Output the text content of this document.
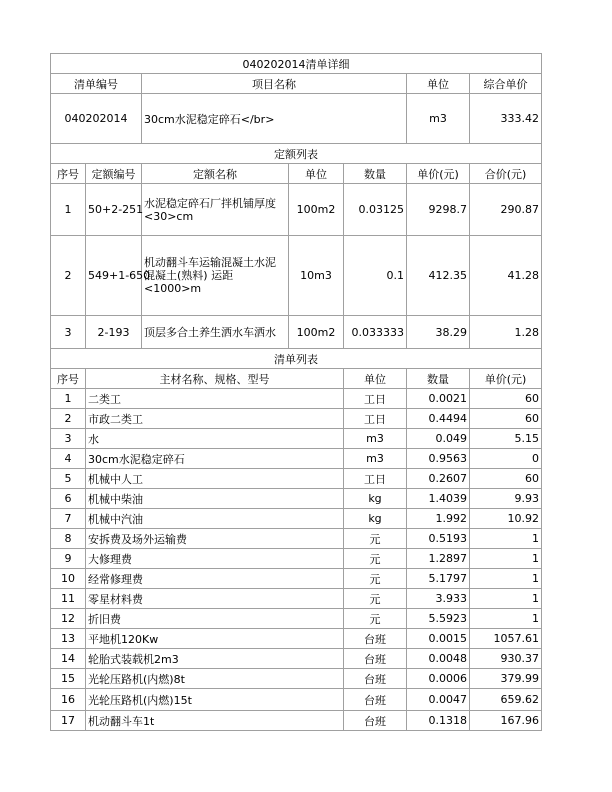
040202014清单详细							
清单编号		项目名称			单位	综合单价	
040202014		30cm水泥稳定碎石</br>			m3	333.42	
定额列表							
序号	定额编号	定额名称	单位	数量	单价(元)	合价(元)	
1	50+2-251	水泥稳定碎石厂拌机铺厚度<30>cm	100m2	0.03125	9298.7	290.87	
2	549+1-650	机动翻斗车运输混凝土水泥混凝土(熟料) 运距<1000>m	10m3	0.1	412.35	41.28	
3	2-193	顶层多合土养生洒水车洒水	100m2	0.033333	38.29	1.28	
清单列表							
序号	主材名称、规格、型号			单位	数量	单价(元)	
1	二类工			工日	0.0021	60	
2	市政二类工			工日	0.4494	60	
3	水			m3	0.049	5.15	
4	30cm水泥稳定碎石			m3	0.9563	0	
5	机械中人工			工日	0.2607	60	
6	机械中柴油			kg	1.4039	9.93	
7	机械中汽油			kg	1.992	10.92	
8	安拆费及场外运输费			元	0.5193	1	
9	大修理费			元	1.2897	1	
10	经常修理费			元	5.1797	1	
11	零星材料费			元	3.933	1	
12	折旧费			元	5.5923	1	
13	平地机120Kw			台班	0.0015	1057.61	
14	轮胎式装载机2m3			台班	0.0048	930.37	
15	光轮压路机(内燃)8t			台班	0.0006	379.99	
16	光轮压路机(内燃)15t			台班	0.0047	659.62	
17	机动翻斗车1t			台班	0.1318	167.96	
